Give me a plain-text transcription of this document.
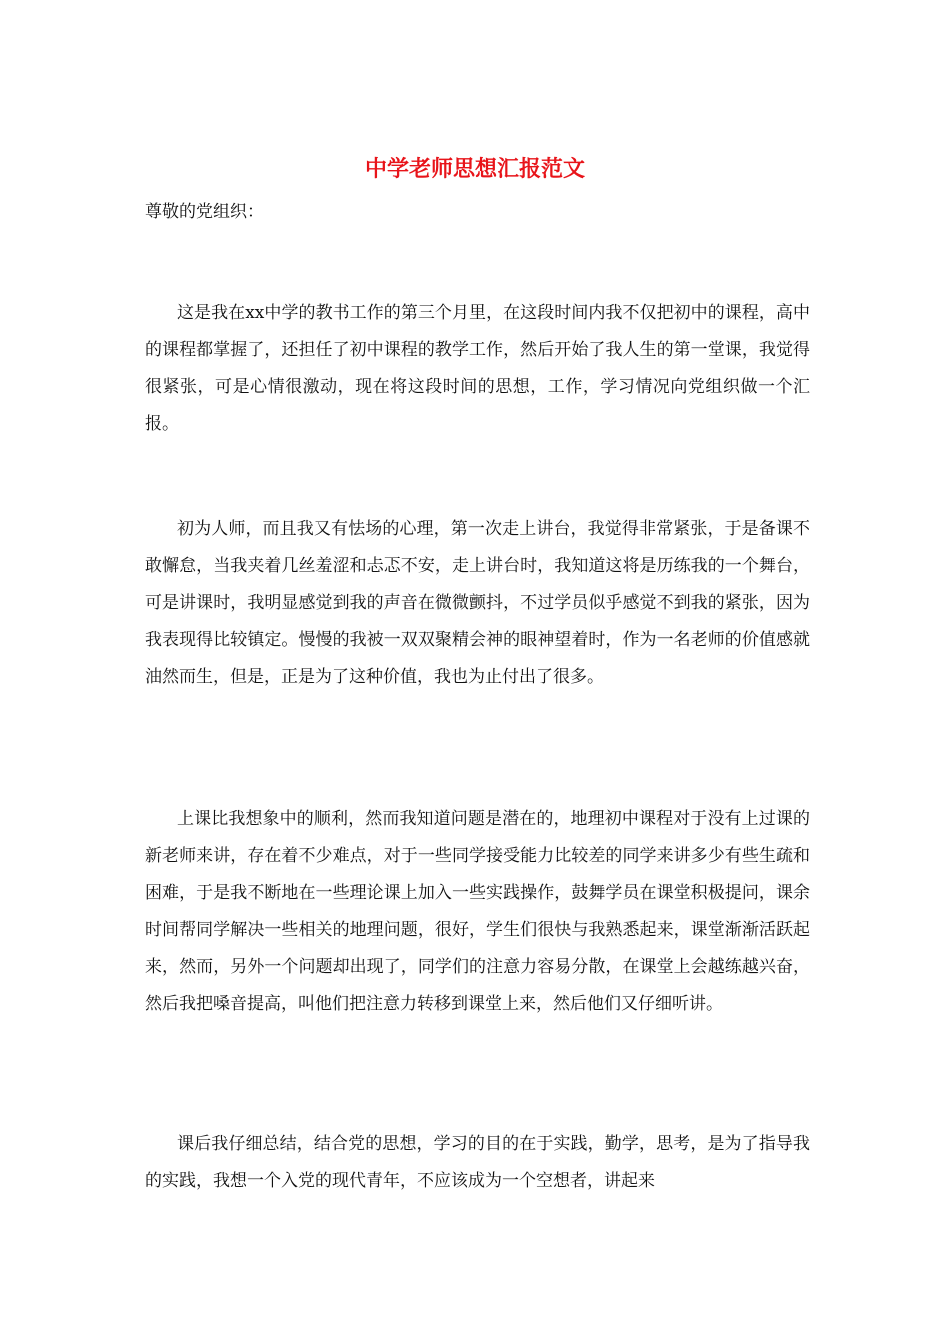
中学老师思想汇报范文

尊敬的党组织：

这是我在xx中学的教书工作的第三个月里，在这段时间内我不仅把初中的课程，高中的课程都掌握了，还担任了初中课程的教学工作，然后开始了我人生的第一堂课，我觉得很紧张，可是心情很激动，现在将这段时间的思想，工作，学习情况向党组织做一个汇报。

初为人师，而且我又有怯场的心理，第一次走上讲台，我觉得非常紧张，于是备课不敢懈怠，当我夹着几丝羞涩和忐忑不安，走上讲台时，我知道这将是历练我的一个舞台，可是讲课时，我明显感觉到我的声音在微微颤抖，不过学员似乎感觉不到我的紧张，因为我表现得比较镇定。慢慢的我被一双双聚精会神的眼神望着时，作为一名老师的价值感就油然而生，但是，正是为了这种价值，我也为止付出了很多。

上课比我想象中的顺利，然而我知道问题是潜在的，地理初中课程对于没有上过课的新老师来讲，存在着不少难点，对于一些同学接受能力比较差的同学来讲多少有些生疏和困难，于是我不断地在一些理论课上加入一些实践操作，鼓舞学员在课堂积极提问，课余时间帮同学解决一些相关的地理问题，很好，学生们很快与我熟悉起来，课堂渐渐活跃起来，然而，另外一个问题却出现了，同学们的注意力容易分散，在课堂上会越练越兴奋，然后我把嗓音提高，叫他们把注意力转移到课堂上来，然后他们又仔细听讲。

课后我仔细总结，结合党的思想，学习的目的在于实践，勤学，思考，是为了指导我的实践，我想一个入党的现代青年，不应该成为一个空想者，讲起来
